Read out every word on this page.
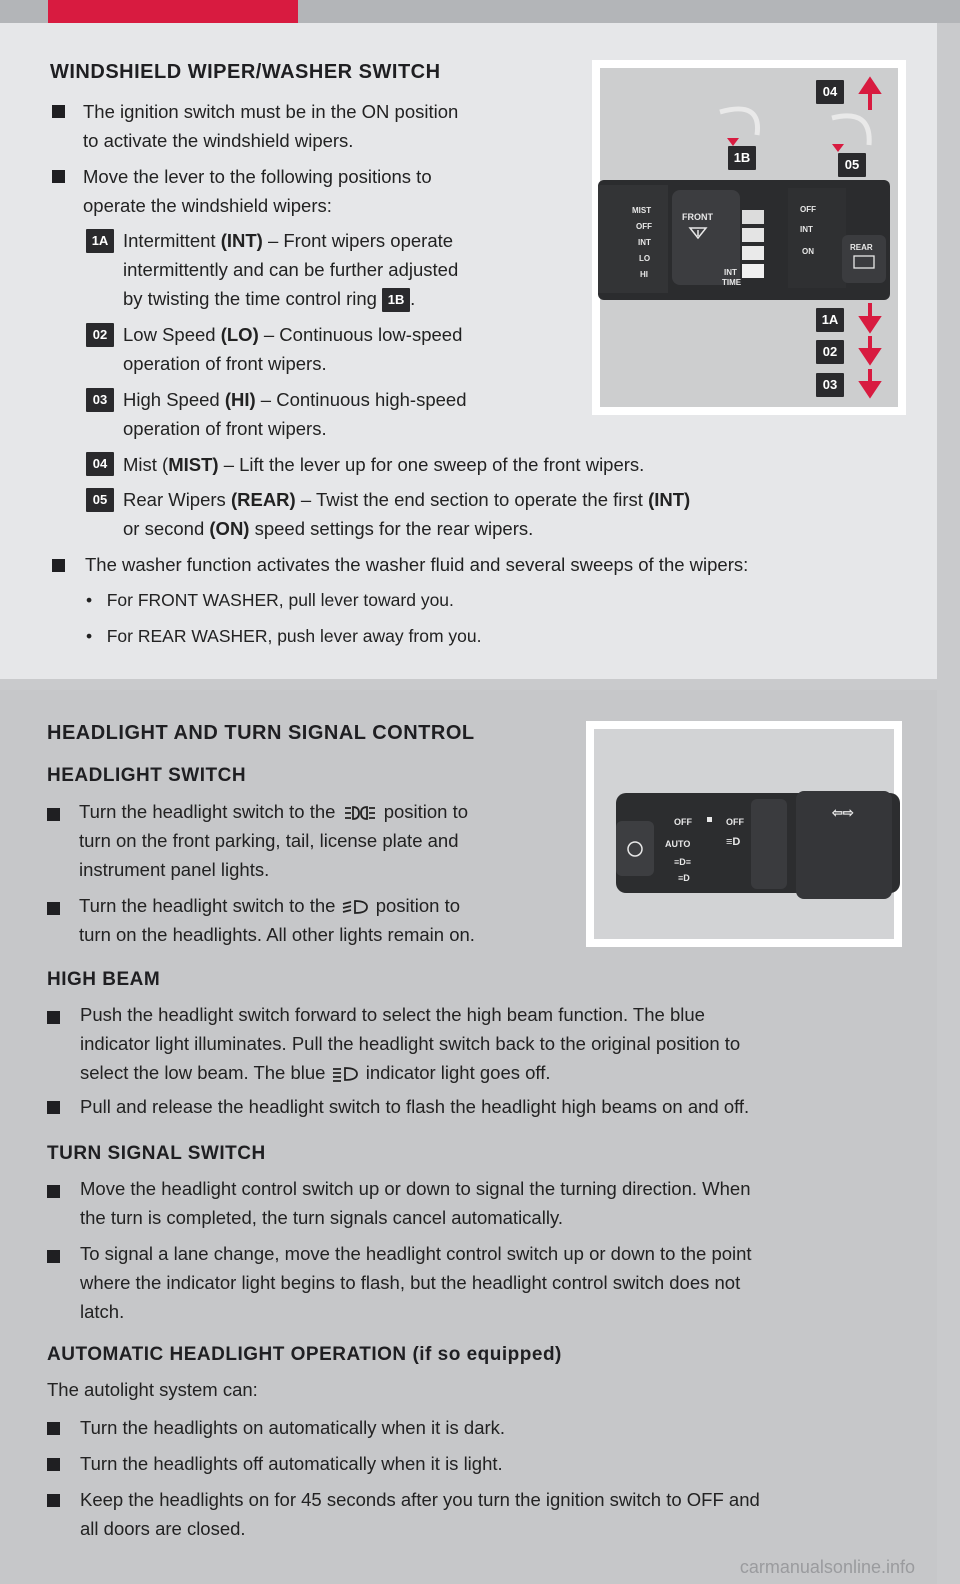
WINDSHIELD WIPER/WASHER SWITCH
The ignition switch must be in the ON position
to activate the windshield wipers.
Move the lever to the following positions to
operate the windshield wipers:
1A Intermittent (INT) – Front wipers operate
intermittently and can be further adjusted
by twisting the time control ring 1B .
02 Low Speed (LO) – Continuous low-speed
operation of front wipers.
03 High Speed (HI) – Continuous high-speed
operation of front wipers.
04 Mist (MIST) – Lift the lever up for one sweep of the front wipers.
05 Rear Wipers (REAR) – Twist the end section to operate the first (INT)
or second (ON) speed settings for the rear wipers.
The washer function activates the washer fluid and several sweeps of the wipers:
•   For FRONT WASHER, pull lever toward you.
•   For REAR WASHER, push lever away from you.
MIST
OFF
INT
LO
HI
FRONT
INT
TIME
OFF
INT
ON	REAR
1B	05
04
1A
02
03
HEADLIGHT AND TURN SIGNAL CONTROL
HEADLIGHT SWITCH
Turn the headlight switch to the  position to
turn on the front parking, tail, license plate and
instrument panel lights.
Turn the headlight switch to the  position to
turn on the headlights. All other lights remain on.
HIGH BEAM
Push the headlight switch forward to select the high beam function. The blue
indicator light illuminates. Pull the headlight switch back to the original position to
select the low beam. The blue  indicator light goes off.
Pull and release the headlight switch to flash the headlight high beams on and off.
TURN SIGNAL SWITCH
Move the headlight control switch up or down to signal the turning direction. When
the turn is completed, the turn signals cancel automatically.
To signal a lane change, move the headlight control switch up or down to the point
where the indicator light begins to flash, but the headlight control switch does not
latch.
AUTOMATIC HEADLIGHT OPERATION (if so equipped)
The autolight system can:
Turn the headlights on automatically when it is dark.
Turn the headlights off automatically when it is light.
Keep the headlights on for 45 seconds after you turn the ignition switch to OFF and
all doors are closed.
OFF	OFF
AUTO	≡D
≡D≡
≡D
⇦⇨
carmanualsonline.info
